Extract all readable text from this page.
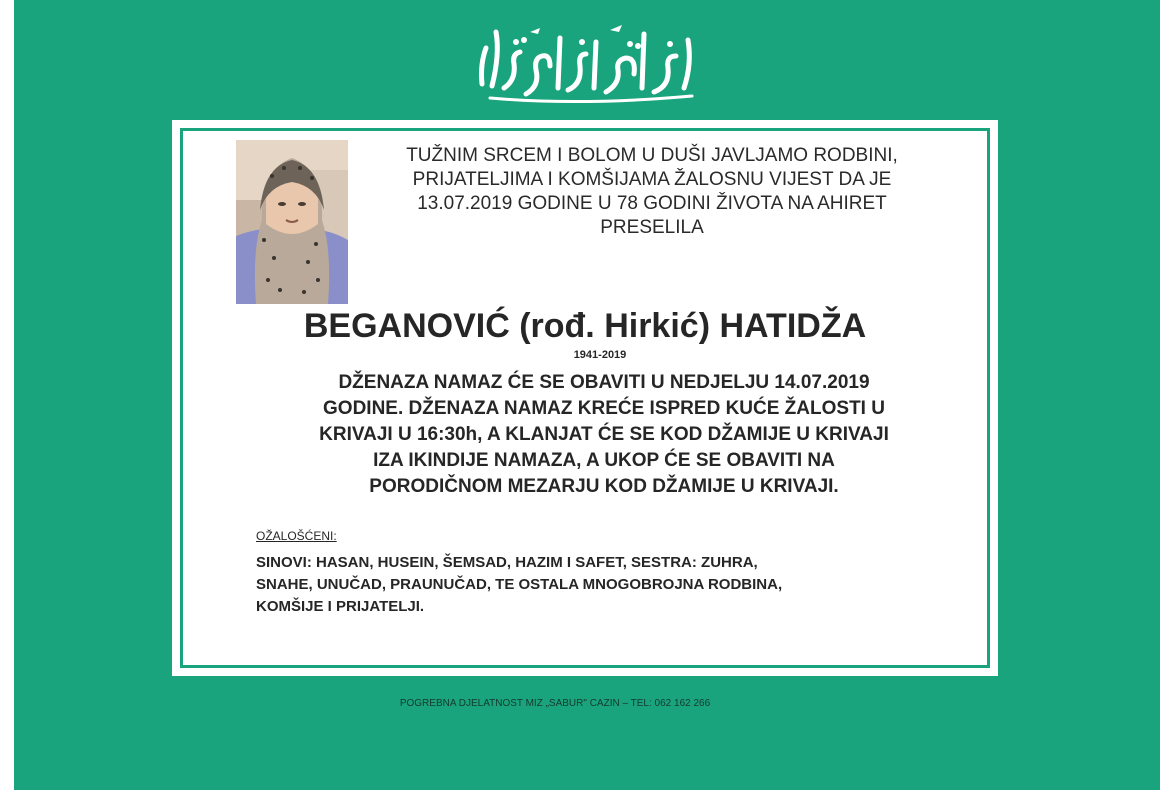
TUŽNIM SRCEM I BOLOM U DUŠI JAVLJAMO RODBINI,
PRIJATELJIMA I KOMŠIJAMA ŽALOSNU VIJEST DA JE
13.07.2019 GODINE U 78 GODINI ŽIVOTA NA AHIRET
PRESELILA
BEGANOVIĆ (rođ. Hirkić) HATIDŽA
1941-2019
DŽENAZA NAMAZ ĆE SE OBAVITI U NEDJELJU 14.07.2019
GODINE. DŽENAZA NAMAZ KREĆE ISPRED KUĆE ŽALOSTI U
KRIVAJI U 16:30h, A KLANJAT ĆE SE KOD DŽAMIJE U KRIVAJI
IZA IKINDIJE NAMAZA, A UKOP ĆE SE OBAVITI NA
PORODIČNOM MEZARJU KOD DŽAMIJE U KRIVAJI.
OŽALOŠĆENI:
SINOVI: HASAN, HUSEIN, ŠEMSAD, HAZIM I SAFET, SESTRA: ZUHRA,
SNAHE, UNUČAD, PRAUNUČAD, TE OSTALA MNOGOBROJNA RODBINA,
KOMŠIJE I PRIJATELJI.
POGREBNA DJELATNOST MIZ „SABUR" CAZIN – TEL: 062 162 266
